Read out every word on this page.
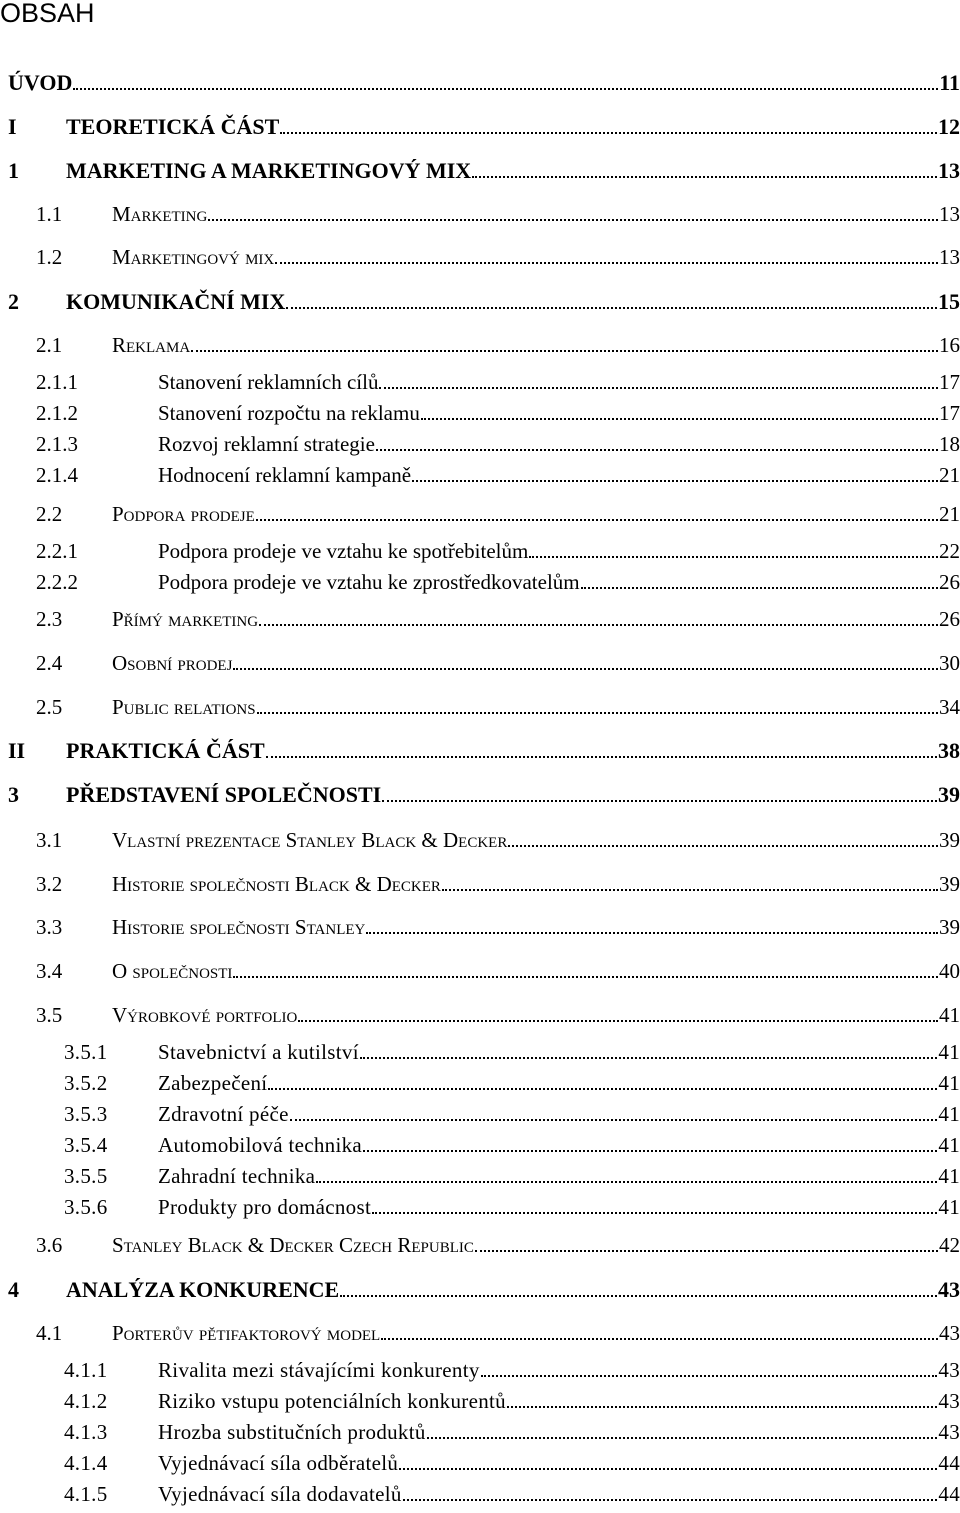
OBSAH
ÚVOD	11
I TEORETICKÁ ČÁST	12
1 MARKETING A MARKETINGOVÝ MIX	13
1.1 Marketing	13
1.2 Marketingový mix	13
2 KOMUNIKAČNÍ MIX	15
2.1 Reklama	16
2.1.1	Stanovení reklamních cílů	17
2.1.2	Stanovení rozpočtu na reklamu	17
2.1.3	Rozvoj reklamní strategie	18
2.1.4	Hodnocení reklamní kampaně	21
2.2 Podpora prodeje	21
2.2.1	Podpora prodeje ve vztahu ke spotřebitelům	22
2.2.2	Podpora prodeje ve vztahu ke zprostředkovatelům	26
2.3 Přímý marketing	26
2.4 Osobní prodej	30
2.5 Public relations	34
II PRAKTICKÁ ČÁST	38
3 PŘEDSTAVENÍ SPOLEČNOSTI	39
3.1 Vlastní prezentace Stanley Black & Decker	39
3.2 Historie společnosti Black & Decker	39
3.3 Historie společnosti Stanley	39
3.4 O společnosti	40
3.5 Výrobkové portfolio	41
3.5.1 Stavebnictví a kutilství	41
3.5.2 Zabezpečení	41
3.5.3 Zdravotní péče	41
3.5.4 Automobilová technika	41
3.5.5 Zahradní technika	41
3.5.6 Produkty pro domácnost	41
3.6 Stanley Black & Decker Czech Republic	42
4 ANALÝZA KONKURENCE	43
4.1 Porterův pětifaktorový model	43
4.1.1 Rivalita mezi stávajícími konkurenty	43
4.1.2 Riziko vstupu potenciálních konkurentů	43
4.1.3 Hrozba substitučních produktů	43
4.1.4 Vyjednávací síla odběratelů	44
4.1.5 Vyjednávací síla dodavatelů	44
